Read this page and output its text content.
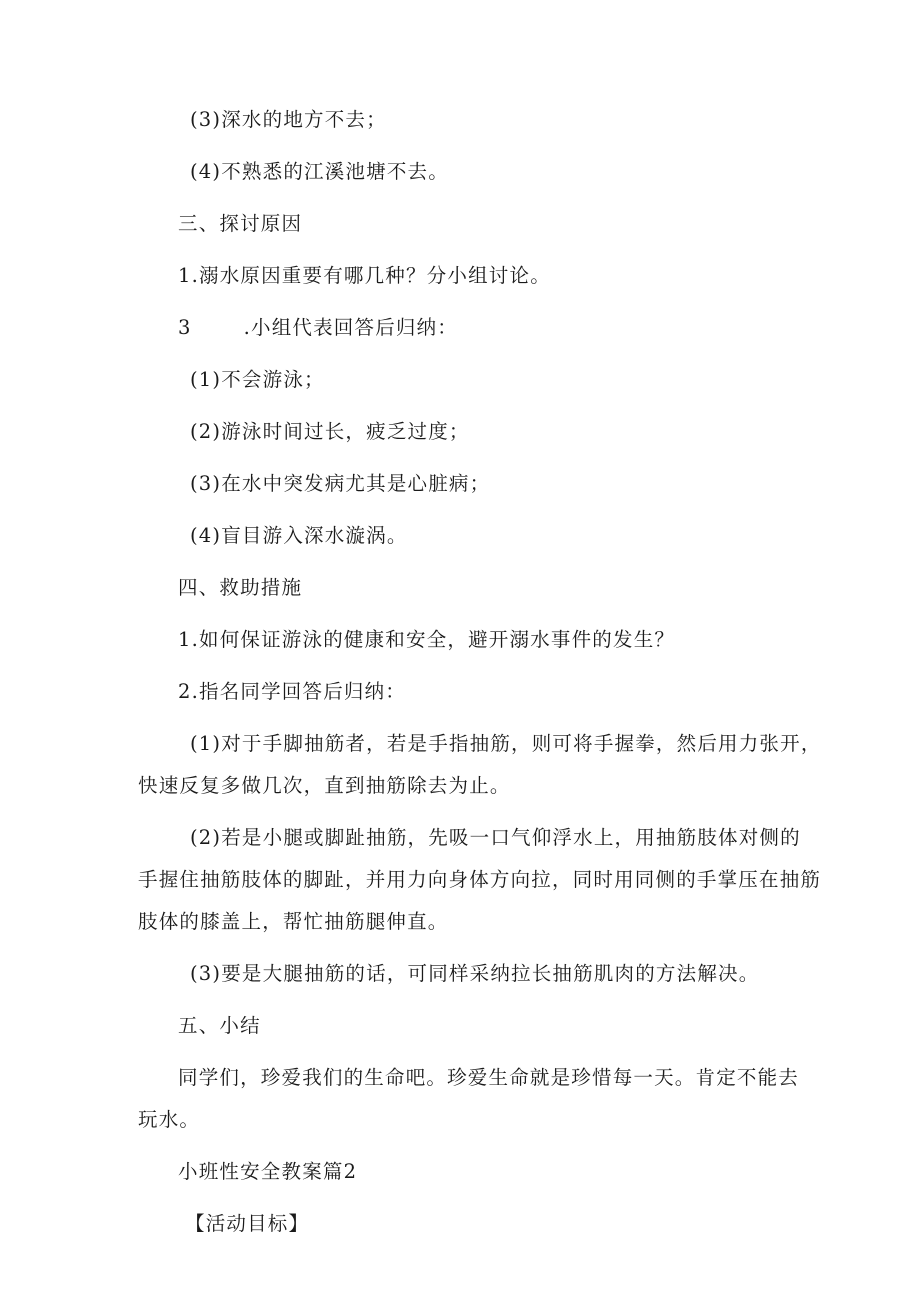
(3)深水的地方不去；
(4)不熟悉的江溪池塘不去。
三、探讨原因
1.溺水原因重要有哪几种？分小组讨论。
3	.小组代表回答后归纳：
(1)不会游泳；
(2)游泳时间过长，疲乏过度；
(3)在水中突发病尤其是心脏病；
(4)盲目游入深水漩涡。
四、救助措施
1.如何保证游泳的健康和安全，避开溺水事件的发生？
2.指名同学回答后归纳：
(1)对于手脚抽筋者，若是手指抽筋，则可将手握拳，然后用力张开，
快速反复多做几次，直到抽筋除去为止。
(2)若是小腿或脚趾抽筋，先吸一口气仰浮水上，用抽筋肢体对侧的
手握住抽筋肢体的脚趾，并用力向身体方向拉，同时用同侧的手掌压在抽筋
肢体的膝盖上，帮忙抽筋腿伸直。
(3)要是大腿抽筋的话，可同样采纳拉长抽筋肌肉的方法解决。
五、小结
同学们，珍爱我们的生命吧。珍爱生命就是珍惜每一天。肯定不能去
玩水。
小班性安全教案篇2
【活动目标】
